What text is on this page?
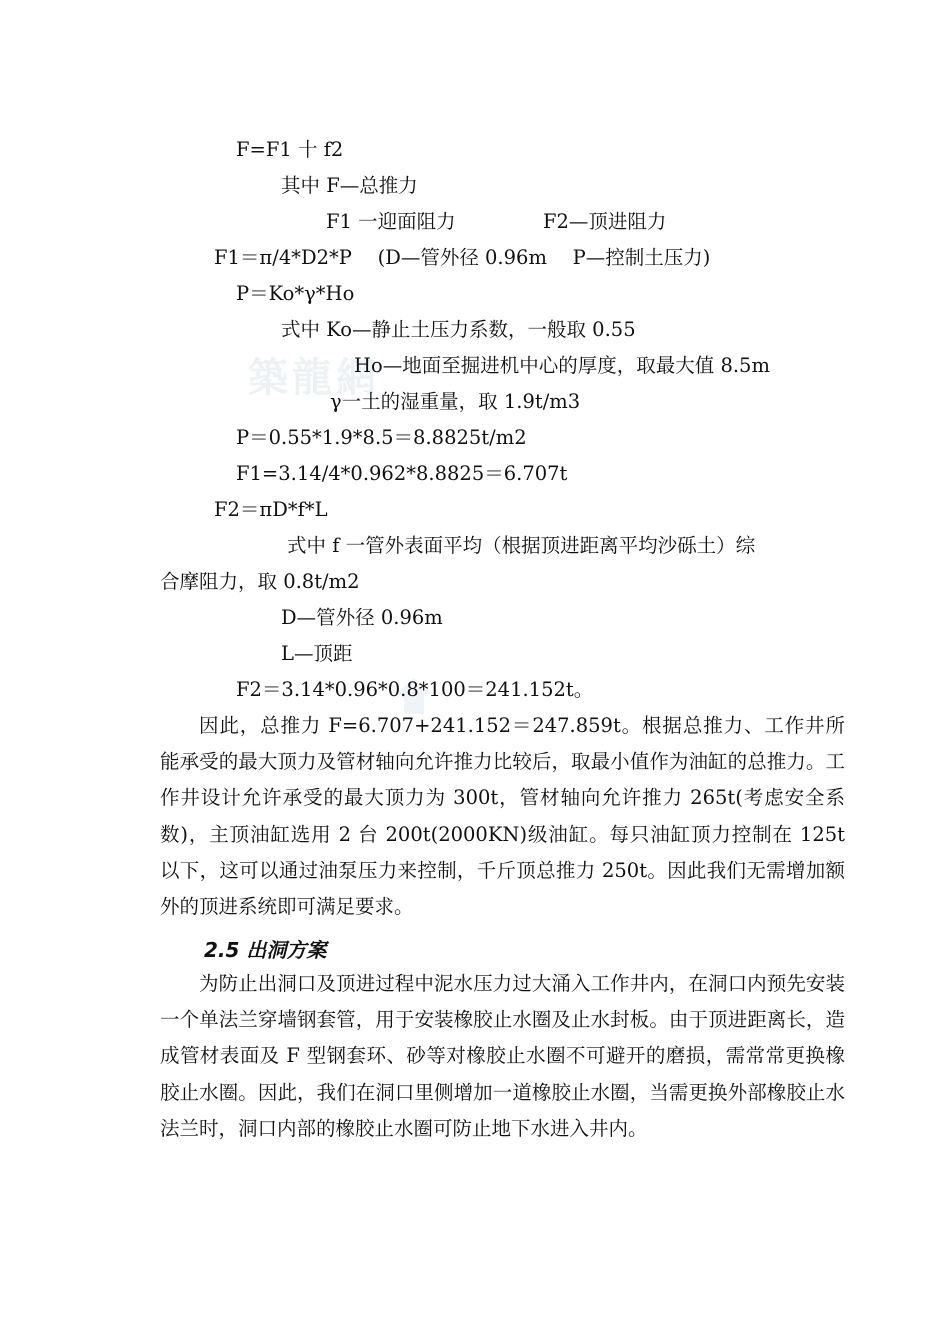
築龍網
F=F1 十 f2
其中 F—总推力
F1 一迎面阻力	F2—顶进阻力
F1＝π/4*D2*P　 (D—管外径 0.96m　 P—控制土压力)
P＝Ko*γ*Ho
式中 Ko—静止土压力系数，一般取 0.55
Ho—地面至掘进机中心的厚度，取最大值 8.5m
γ一土的湿重量，取 1.9t/m3
P＝0.55*1.9*8.5＝8.8825t/m2
F1=3.14/4*0.962*8.8825＝6.707t
F2＝πD*f*L
式中 f 一管外表面平均（根据顶进距离平均沙砾土）综
合摩阻力，取 0.8t/m2
D—管外径 0.96m
L—顶距
F2＝3.14*0.96*0.8*100＝241.152t。
因此，总推力 F=6.707+241.152＝247.859t。根据总推力、工作井所能承受的最大顶力及管材轴向允许推力比较后，取最小值作为油缸的总推力。工作井设计允许承受的最大顶力为 300t，管材轴向允许推力 265t(考虑安全系数)，主顶油缸选用 2 台 200t(2000KN)级油缸。每只油缸顶力控制在 125t 以下，这可以通过油泵压力来控制，千斤顶总推力 250t。因此我们无需增加额外的顶进系统即可满足要求。
2.5 出洞方案
为防止出洞口及顶进过程中泥水压力过大涌入工作井内，在洞口内预先安装一个单法兰穿墙钢套管，用于安装橡胶止水圈及止水封板。由于顶进距离长，造成管材表面及 F 型钢套环、砂等对橡胶止水圈不可避开的磨损，需常常更换橡胶止水圈。因此，我们在洞口里侧增加一道橡胶止水圈，当需更换外部橡胶止水法兰时，洞口内部的橡胶止水圈可防止地下水进入井内。
